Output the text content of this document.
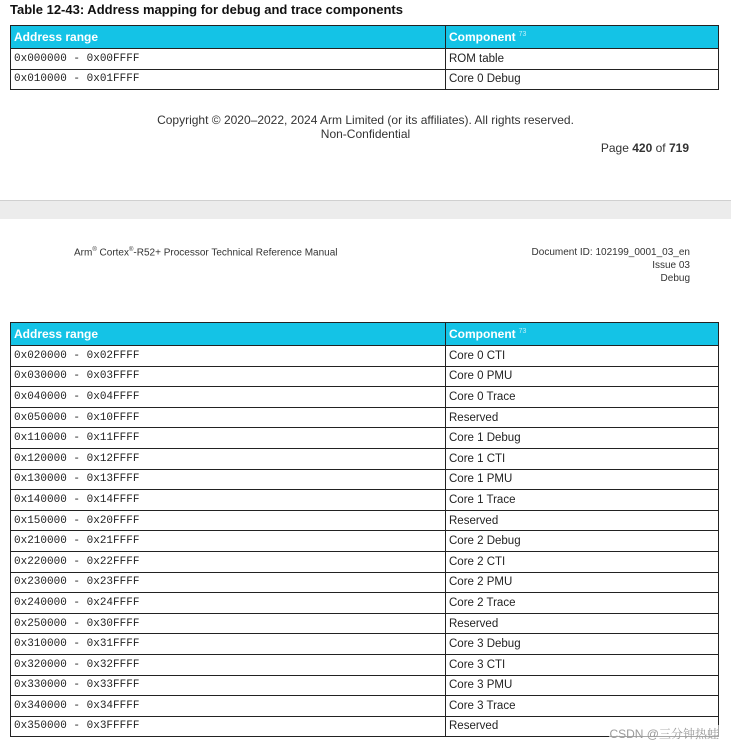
Table 12-43: Address mapping for debug and trace components
Address range	Component $^{73}$
0x000000 - 0x00FFFF	ROM table
0x010000 - 0x01FFFF	Core 0 Debug
Copyright © 2020–2022, 2024 Arm Limited (or its affiliates). All rights reserved.
Non-Confidential
Page 420 of 719
Arm® Cortex®-R52+ Processor Technical Reference Manual	Document ID: 102199_0001_03_en
Issue 03
Debug
Address range	Component $^{73}$
0x020000 - 0x02FFFF	Core 0 CTI
0x030000 - 0x03FFFF	Core 0 PMU
0x040000 - 0x04FFFF	Core 0 Trace
0x050000 - 0x10FFFF	Reserved
0x110000 - 0x11FFFF	Core 1 Debug
0x120000 - 0x12FFFF	Core 1 CTI
0x130000 - 0x13FFFF	Core 1 PMU
0x140000 - 0x14FFFF	Core 1 Trace
0x150000 - 0x20FFFF	Reserved
0x210000 - 0x21FFFF	Core 2 Debug
0x220000 - 0x22FFFF	Core 2 CTI
0x230000 - 0x23FFFF	Core 2 PMU
0x240000 - 0x24FFFF	Core 2 Trace
0x250000 - 0x30FFFF	Reserved
0x310000 - 0x31FFFF	Core 3 Debug
0x320000 - 0x32FFFF	Core 3 CTI
0x330000 - 0x33FFFF	Core 3 PMU
0x340000 - 0x34FFFF	Core 3 Trace
0x350000 - 0x3FFFFF	Reserved
CSDN @三分钟热蛙
